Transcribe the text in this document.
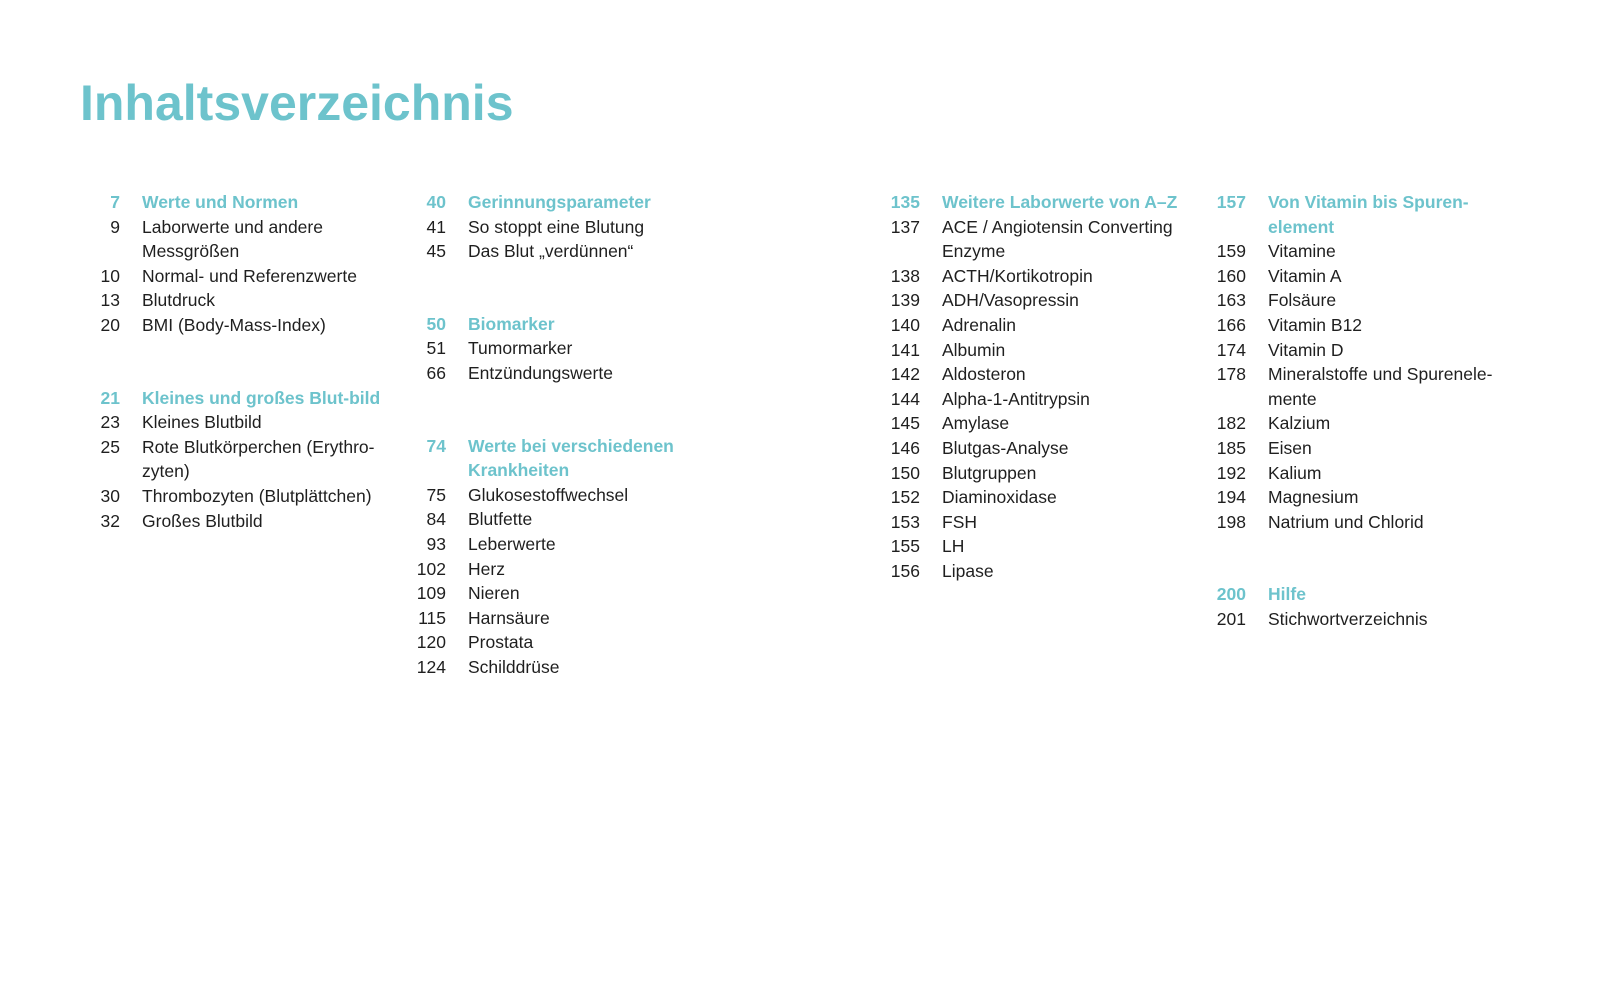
Inhaltsverzeichnis
7 Werte und Normen
9 Laborwerte und andere Messgrößen
10 Normal- und Referenzwerte
13 Blutdruck
20 BMI (Body-Mass-Index)
21 Kleines und großes Blut-bild
23 Kleines Blutbild
25 Rote Blutkörperchen (Erythro-zyten)
30 Thrombozyten (Blutplättchen)
32 Großes Blutbild
40 Gerinnungsparameter
41 So stoppt eine Blutung
45 Das Blut „verdünnen“
50 Biomarker
51 Tumormarker
66 Entzündungswerte
74 Werte bei verschiedenen Krankheiten
75 Glukosestoffwechsel
84 Blutfette
93 Leberwerte
102 Herz
109 Nieren
115 Harnsäure
120 Prostata
124 Schilddrüse
135 Weitere Laborwerte von A–Z
137 ACE / Angiotensin Converting Enzyme
138 ACTH/Kortikotropin
139 ADH/Vasopressin
140 Adrenalin
141 Albumin
142 Aldosteron
144 Alpha-1-Antitrypsin
145 Amylase
146 Blutgas-Analyse
150 Blutgruppen
152 Diaminoxidase
153 FSH
155 LH
156 Lipase
157 Von Vitamin bis Spuren-element
159 Vitamine
160 Vitamin A
163 Folsäure
166 Vitamin B12
174 Vitamin D
178 Mineralstoffe und Spurenele-mente
182 Kalzium
185 Eisen
192 Kalium
194 Magnesium
198 Natrium und Chlorid
200 Hilfe
201 Stichwortverzeichnis
